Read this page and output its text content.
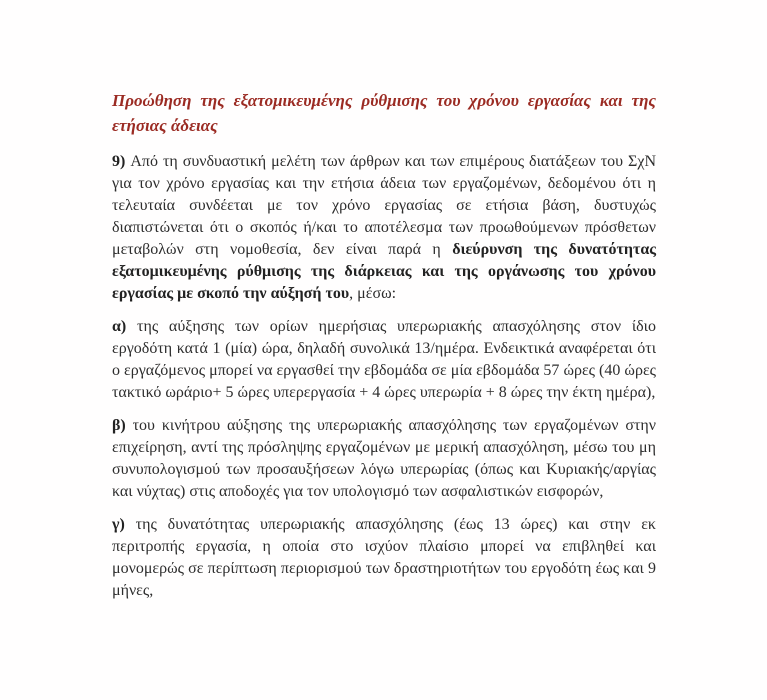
Προώθηση της εξατομικευμένης ρύθμισης του χρόνου εργασίας και της ετήσιας άδειας

9) Από τη συνδυαστική μελέτη των άρθρων και των επιμέρους διατάξεων του ΣχΝ για τον χρόνο εργασίας και την ετήσια άδεια των εργαζομένων, δεδομένου ότι η τελευταία συνδέεται με τον χρόνο εργασίας σε ετήσια βάση, δυστυχώς διαπιστώνεται ότι ο σκοπός ή/και το αποτέλεσμα των προωθούμενων πρόσθετων μεταβολών στη νομοθεσία, δεν είναι παρά η διεύρυνση της δυνατότητας εξατομικευμένης ρύθμισης της διάρκειας και της οργάνωσης του χρόνου εργασίας με σκοπό την αύξησή του, μέσω:

α) της αύξησης των ορίων ημερήσιας υπερωριακής απασχόλησης στον ίδιο εργοδότη κατά 1 (μία) ώρα, δηλαδή συνολικά 13/ημέρα. Ενδεικτικά αναφέρεται ότι ο εργαζόμενος μπορεί να εργασθεί την εβδομάδα σε μία εβδομάδα 57 ώρες (40 ώρες τακτικό ωράριο+ 5 ώρες υπερεργασία + 4 ώρες υπερωρία + 8 ώρες την έκτη ημέρα),

β) του κινήτρου αύξησης της υπερωριακής απασχόλησης των εργαζομένων στην επιχείρηση, αντί της πρόσληψης εργαζομένων με μερική απασχόληση, μέσω του μη συνυπολογισμού των προσαυξήσεων λόγω υπερωρίας (όπως και Κυριακής/αργίας και νύχτας) στις αποδοχές για τον υπολογισμό των ασφαλιστικών εισφορών,

γ) της δυνατότητας υπερωριακής απασχόλησης (έως 13 ώρες) και στην εκ περιτροπής εργασία, η οποία στο ισχύον πλαίσιο μπορεί να επιβληθεί και μονομερώς σε περίπτωση περιορισμού των δραστηριοτήτων του εργοδότη έως και 9 μήνες,
